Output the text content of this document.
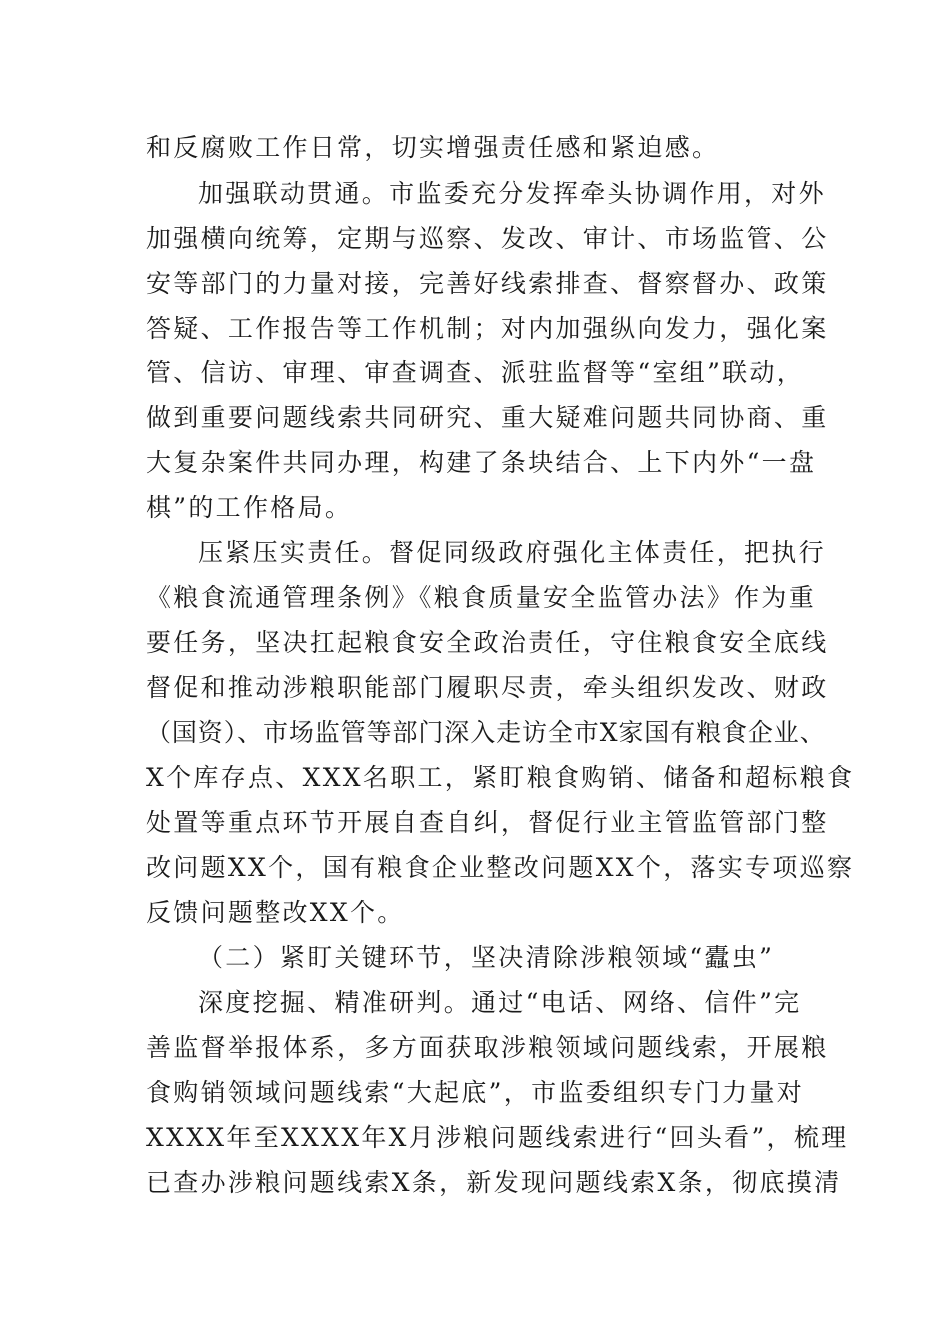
和反腐败工作日常，切实增强责任感和紧迫感。
加强联动贯通。市监委充分发挥牵头协调作用，对外
加强横向统筹，定期与巡察、发改、审计、市场监管、公
安等部门的力量对接，完善好线索排查、督察督办、政策
答疑、工作报告等工作机制；对内加强纵向发力，强化案
管、信访、审理、审查调查、派驻监督等“室组”联动，
做到重要问题线索共同研究、重大疑难问题共同协商、重
大复杂案件共同办理，构建了条块结合、上下内外“一盘
棋”的工作格局。
压紧压实责任。督促同级政府强化主体责任，把执行
《粮食流通管理条例》《粮食质量安全监管办法》作为重
要任务，坚决扛起粮食安全政治责任，守住粮食安全底线
督促和推动涉粮职能部门履职尽责，牵头组织发改、财政
（国资）、市场监管等部门深入走访全市X家国有粮食企业、
X个库存点、XXX名职工，紧盯粮食购销、储备和超标粮食
处置等重点环节开展自查自纠，督促行业主管监管部门整
改问题XX个，国有粮食企业整改问题XX个，落实专项巡察
反馈问题整改XX个。
（二）紧盯关键环节，坚决清除涉粮领域“蠹虫”
深度挖掘、精准研判。通过“电话、网络、信件”完
善监督举报体系，多方面获取涉粮领域问题线索，开展粮
食购销领域问题线索“大起底”，市监委组织专门力量对
XXXX年至XXXX年X月涉粮问题线索进行“回头看”，梳理
已查办涉粮问题线索X条，新发现问题线索X条，彻底摸清
